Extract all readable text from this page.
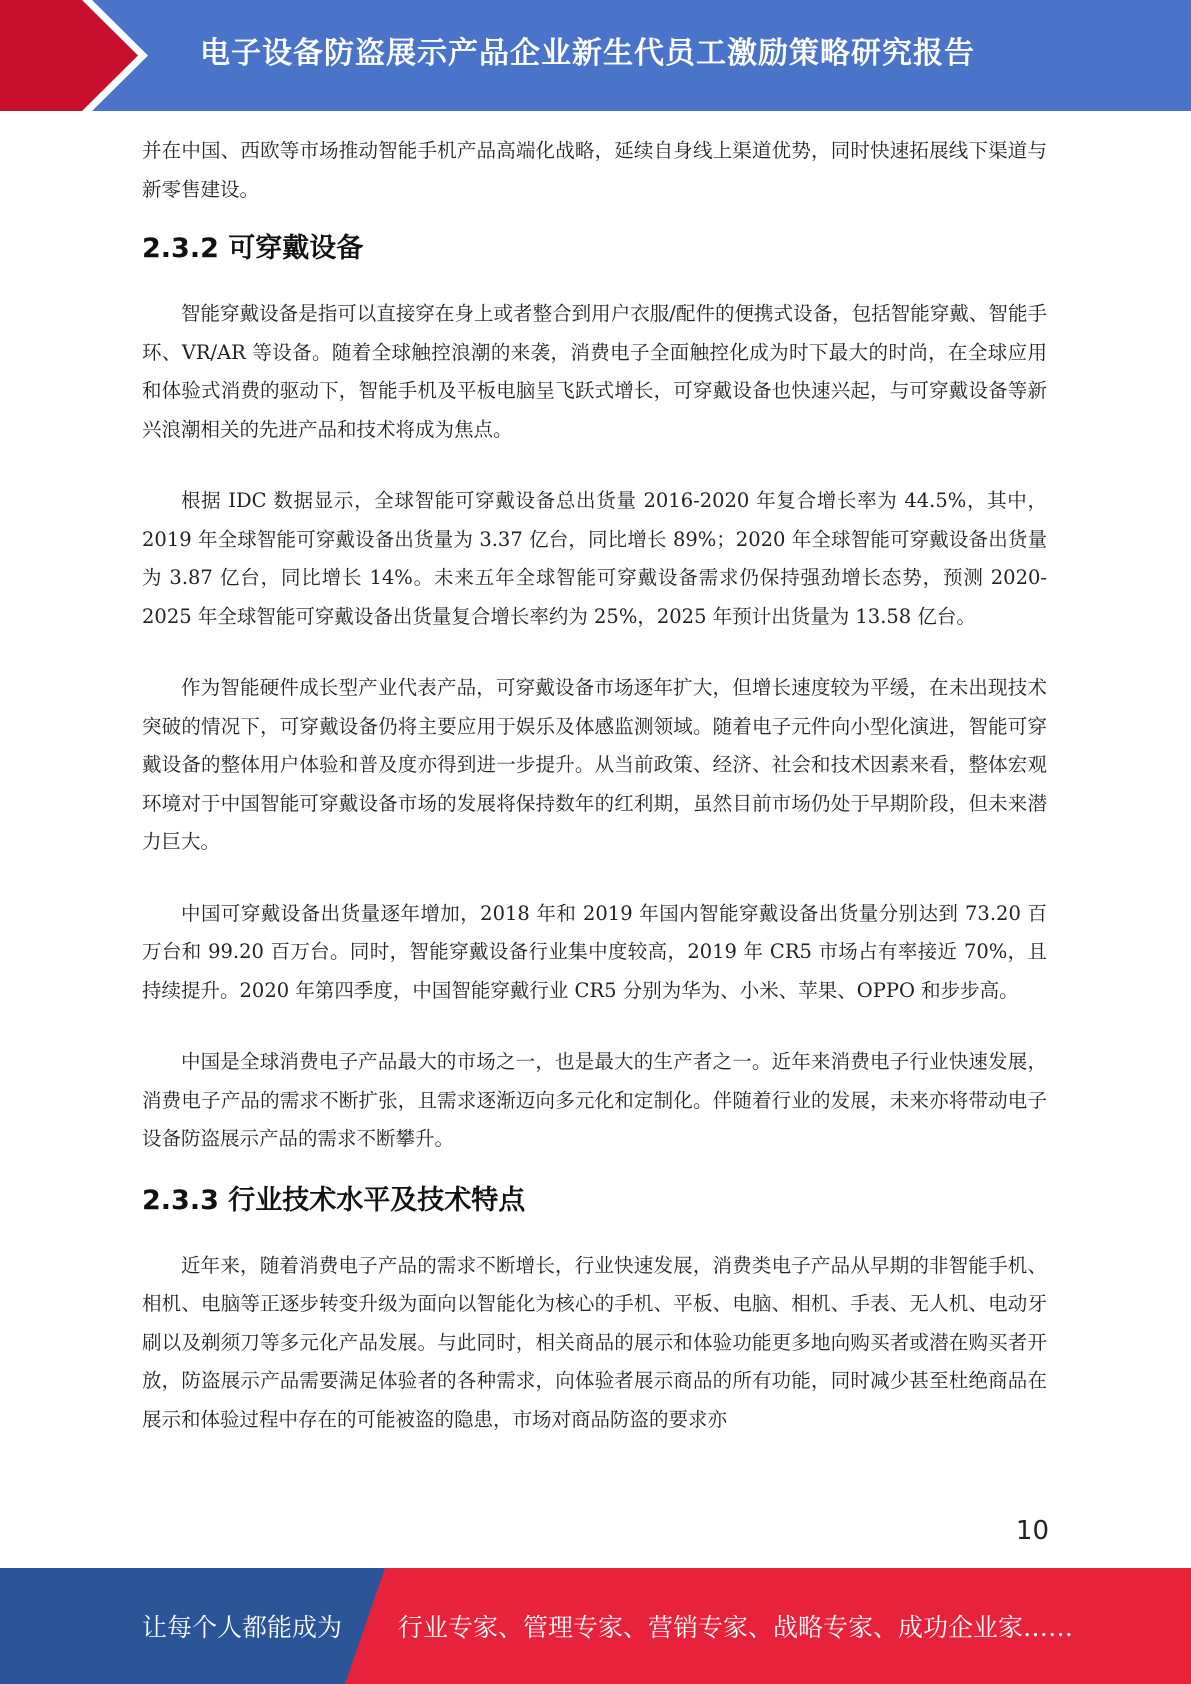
电子设备防盗展示产品企业新生代员工激励策略研究报告

并在中国、西欧等市场推动智能手机产品高端化战略，延续自身线上渠道优势，同时快速拓展线下渠道与新零售建设。

2.3.2 可穿戴设备

智能穿戴设备是指可以直接穿在身上或者整合到用户衣服/配件的便携式设备，包括智能穿戴、智能手环、VR/AR 等设备。随着全球触控浪潮的来袭，消费电子全面触控化成为时下最大的时尚，在全球应用和体验式消费的驱动下，智能手机及平板电脑呈飞跃式增长，可穿戴设备也快速兴起，与可穿戴设备等新兴浪潮相关的先进产品和技术将成为焦点。

根据 IDC 数据显示，全球智能可穿戴设备总出货量 2016-2020 年复合增长率为 44.5%，其中，2019 年全球智能可穿戴设备出货量为 3.37 亿台，同比增长 89%；2020 年全球智能可穿戴设备出货量为 3.87 亿台，同比增长 14%。未来五年全球智能可穿戴设备需求仍保持强劲增长态势，预测 2020-2025 年全球智能可穿戴设备出货量复合增长率约为 25%，2025 年预计出货量为 13.58 亿台。

作为智能硬件成长型产业代表产品，可穿戴设备市场逐年扩大，但增长速度较为平缓，在未出现技术突破的情况下，可穿戴设备仍将主要应用于娱乐及体感监测领域。随着电子元件向小型化演进，智能可穿戴设备的整体用户体验和普及度亦得到进一步提升。从当前政策、经济、社会和技术因素来看，整体宏观环境对于中国智能可穿戴设备市场的发展将保持数年的红利期，虽然目前市场仍处于早期阶段，但未来潜力巨大。

中国可穿戴设备出货量逐年增加，2018 年和 2019 年国内智能穿戴设备出货量分别达到 73.20 百万台和 99.20 百万台。同时，智能穿戴设备行业集中度较高，2019 年 CR5 市场占有率接近 70%，且持续提升。2020 年第四季度，中国智能穿戴行业 CR5 分别为华为、小米、苹果、OPPO 和步步高。

中国是全球消费电子产品最大的市场之一，也是最大的生产者之一。近年来消费电子行业快速发展，消费电子产品的需求不断扩张，且需求逐渐迈向多元化和定制化。伴随着行业的发展，未来亦将带动电子设备防盗展示产品的需求不断攀升。

2.3.3 行业技术水平及技术特点

近年来，随着消费电子产品的需求不断增长，行业快速发展，消费类电子产品从早期的非智能手机、相机、电脑等正逐步转变升级为面向以智能化为核心的手机、平板、电脑、相机、手表、无人机、电动牙刷以及剃须刀等多元化产品发展。与此同时，相关商品的展示和体验功能更多地向购买者或潜在购买者开放，防盗展示产品需要满足体验者的各种需求，向体验者展示商品的所有功能，同时减少甚至杜绝商品在展示和体验过程中存在的可能被盗的隐患，市场对商品防盗的要求亦

10
让每个人都能成为 行业专家、管理专家、营销专家、战略专家、成功企业家……
